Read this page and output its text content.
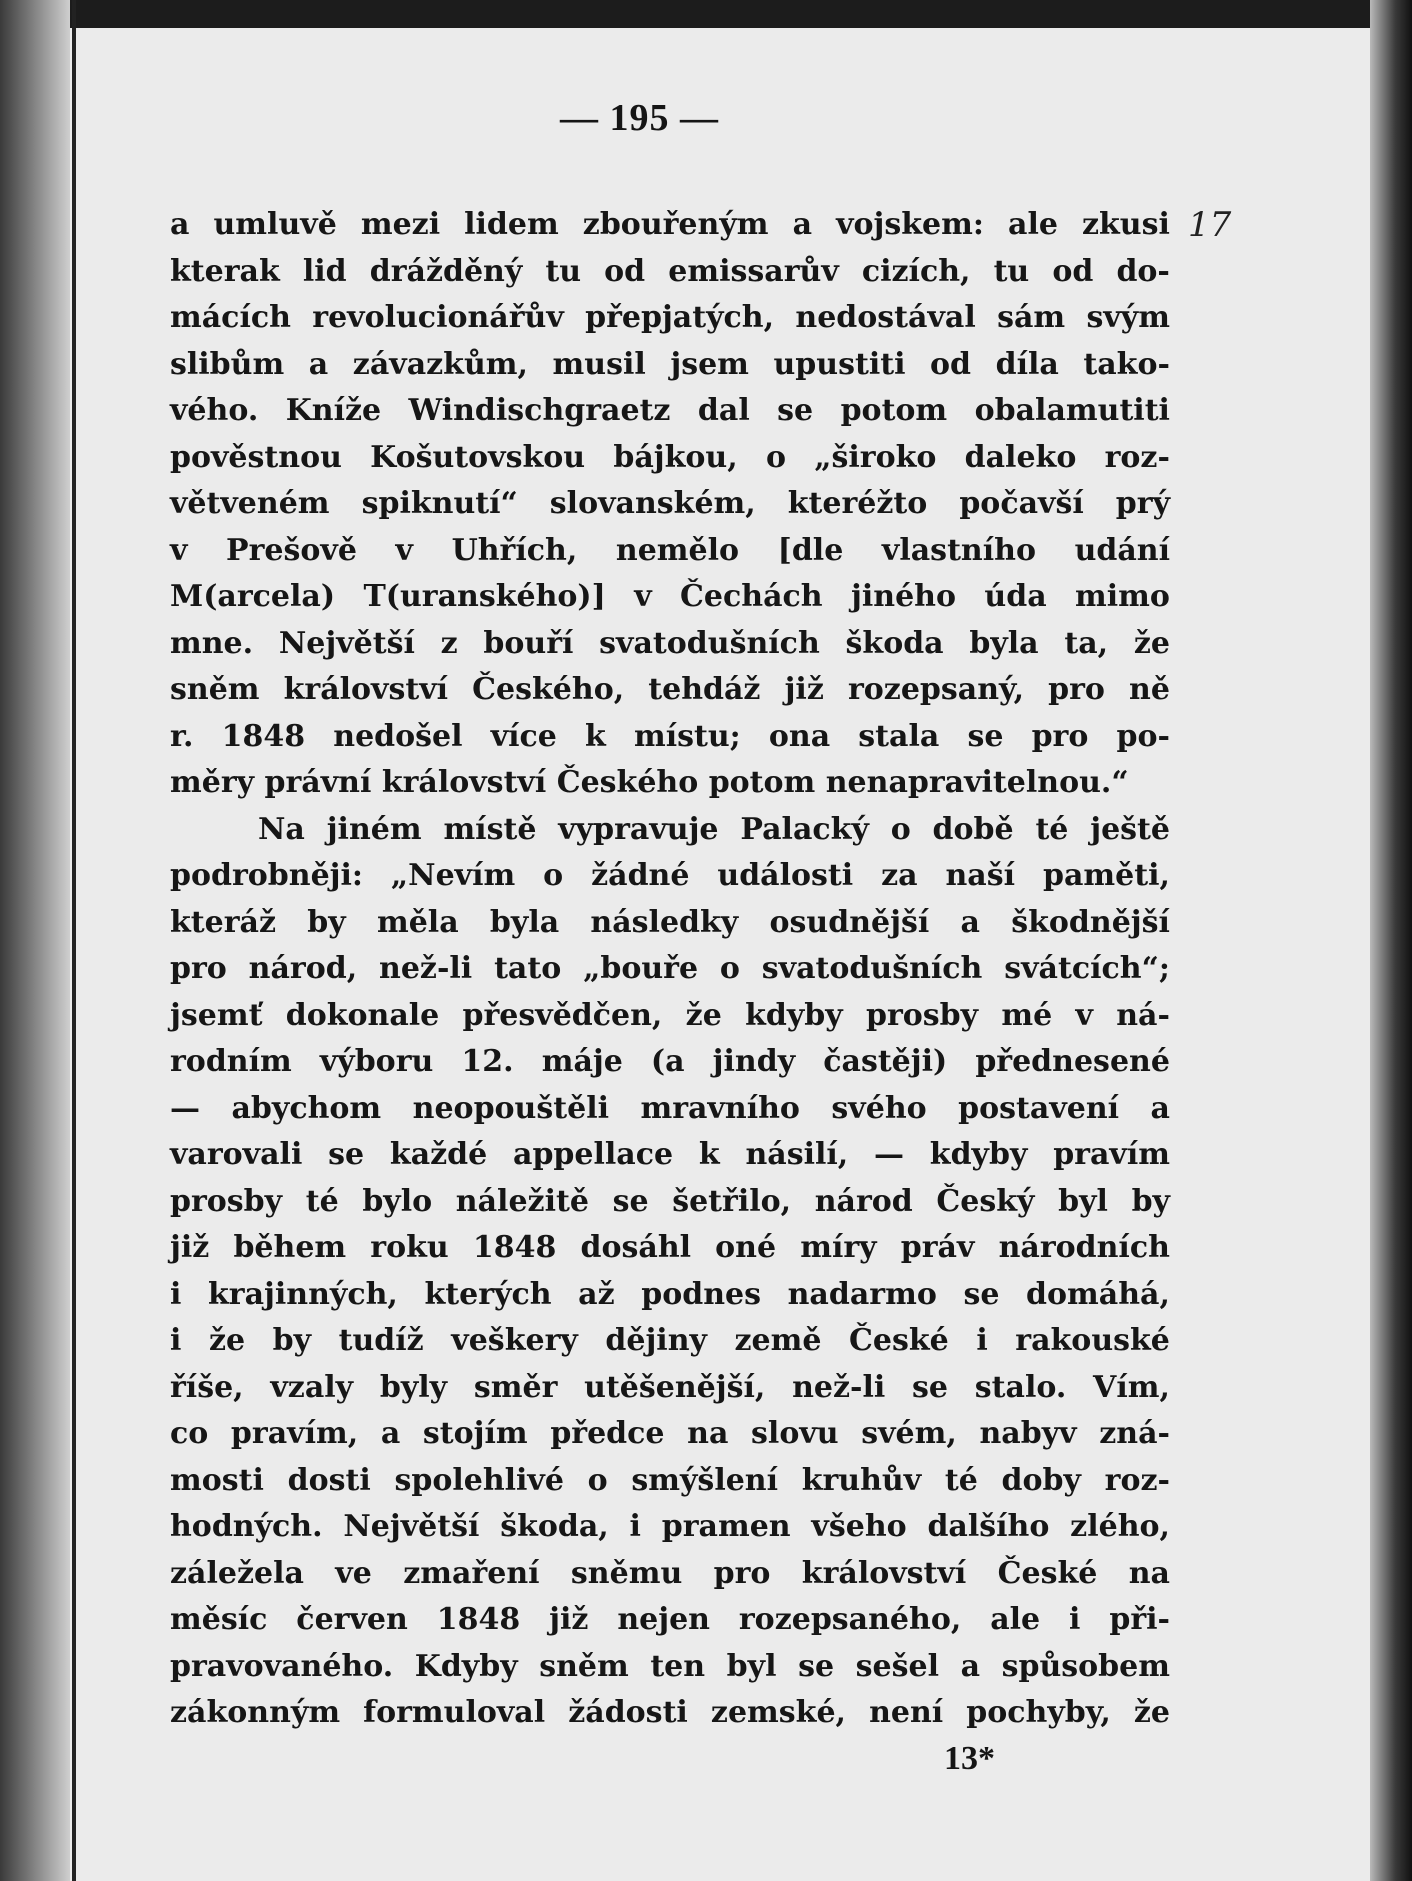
— 195 —
17
a umluvě mezi lidem zbouřeným a vojskem: ale zkusi
kterak lid drážděný tu od emissarův cizích, tu od do-
mácích revolucionářův přepjatých, nedostával sám svým
slibům a závazkům, musil jsem upustiti od díla tako-
vého. Kníže Windischgraetz dal se potom obalamutiti
pověstnou Košutovskou bájkou, o „široko daleko roz-
větveném spiknutí“ slovanském, kteréžto počavší prý
v Prešově v Uhřích, nemělo [dle vlastního udání
M(arcela) T(uranského)] v Čechách jiného úda mimo
mne. Největší z bouří svatodušních škoda byla ta, že
sněm království Českého, tehdáž již rozepsaný, pro ně
r. 1848 nedošel více k místu; ona stala se pro po-
měry právní království Českého potom nenapravitelnou.“
Na jiném místě vypravuje Palacký o době té ještě
podrobněji: „Nevím o žádné události za naší paměti,
kteráž by měla byla následky osudnější a škodnější
pro národ, než-li tato „bouře o svatodušních svátcích“;
jsemť dokonale přesvědčen, že kdyby prosby mé v ná-
rodním výboru 12. máje (a jindy častěji) přednesené
— abychom neopouštěli mravního svého postavení a
varovali se každé appellace k násilí, — kdyby pravím
prosby té bylo náležitě se šetřilo, národ Český byl by
již během roku 1848 dosáhl oné míry práv národních
i krajinných, kterých až podnes nadarmo se domáhá,
i že by tudíž veškery dějiny země České i rakouské
říše, vzaly byly směr utěšenější, než-li se stalo. Vím,
co pravím, a stojím předce na slovu svém, nabyv zná-
mosti dosti spolehlivé o smýšlení kruhův té doby roz-
hodných. Největší škoda, i pramen všeho dalšího zlého,
záležela ve zmaření sněmu pro království České na
měsíc červen 1848 již nejen rozepsaného, ale i při-
pravovaného. Kdyby sněm ten byl se sešel a spůsobem
zákonným formuloval žádosti zemské, není pochyby, že
13*
